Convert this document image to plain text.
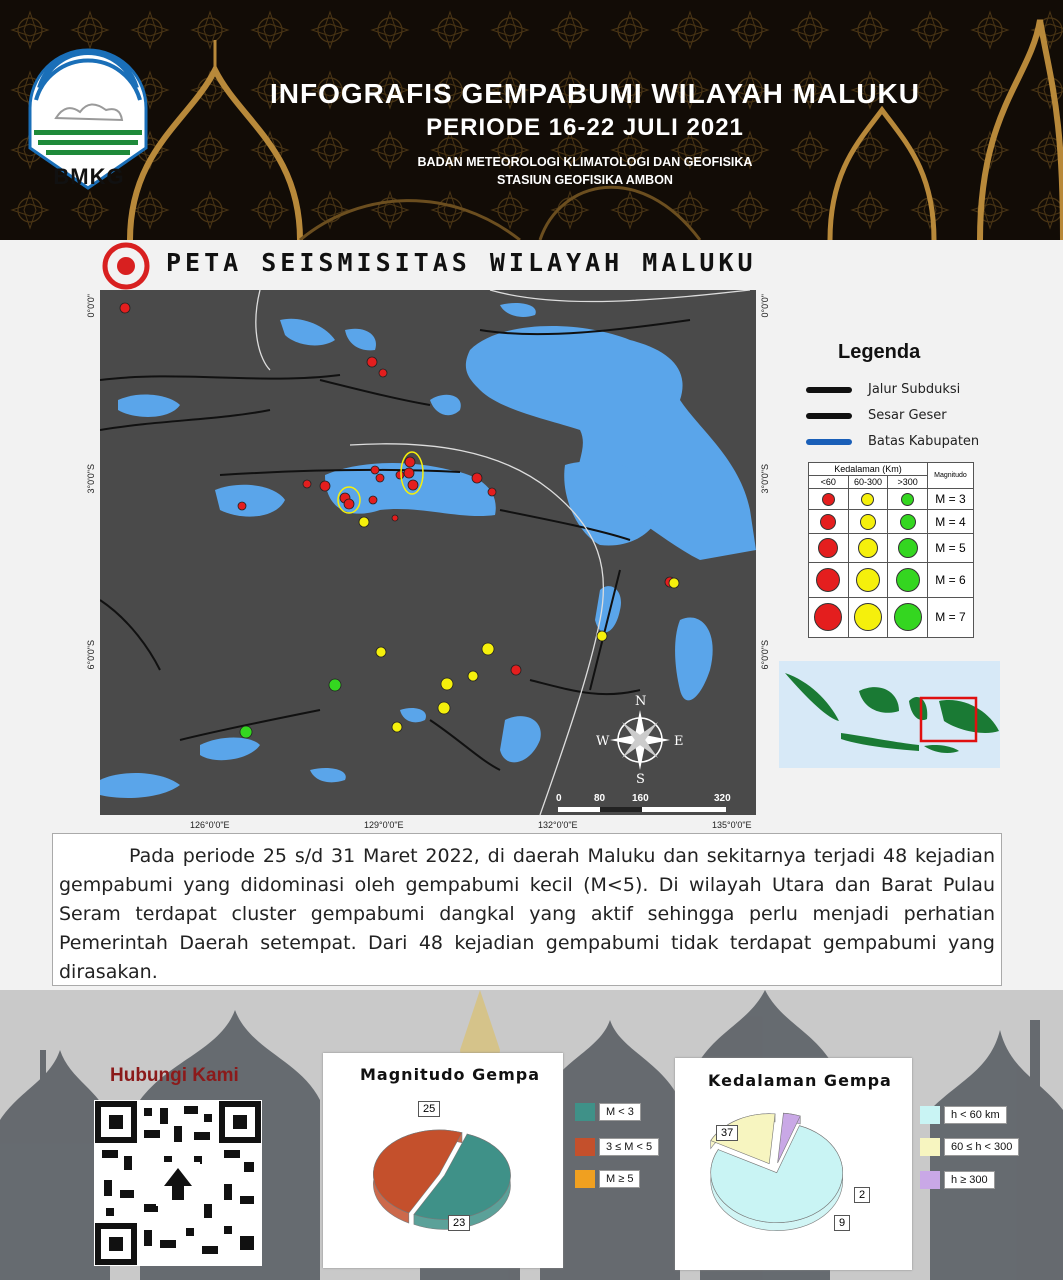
BMKG
INFOGRAFIS GEMPABUMI WILAYAH MALUKU
PERIODE 16-22 JULI 2021
BADAN METEOROLOGI KLIMATOLOGI DAN GEOFISIKA
STASIUN GEOFISIKA AMBON
PETA SEISMISITAS WILAYAH MALUKU
N
S
E
W
0	80	160	320
0°0'0"
3°0'0"S
6°0'0"S
0°0'0"
3°0'0"S
6°0'0"S
126°0'0"E	129°0'0"E	132°0'0"E	135°0'0"E
Legenda
Jalur Subduksi
Sesar Geser
Batas Kabupaten
Kedalaman (Km)			Magnitudo
<60	60-300	>300	
			M = 3
			M = 4
			M = 5
			M = 6
			M = 7
Pada periode 25 s/d 31 Maret 2022, di daerah Maluku dan sekitarnya terjadi 48 kejadian gempabumi yang didominasi oleh gempabumi kecil (M<5). Di wilayah Utara dan Barat Pulau Seram terdapat cluster gempabumi dangkal yang aktif sehingga perlu menjadi perhatian Pemerintah Daerah setempat. Dari 48 kejadian gempabumi tidak terdapat gempabumi yang dirasakan.
Hubungi Kami	Magnitudo Gempa
25
23
M < 3
3 ≤ M < 5
M ≥ 5
Kedalaman Gempa
37
9
2
h < 60 km
60 ≤ h < 300
h ≥ 300
